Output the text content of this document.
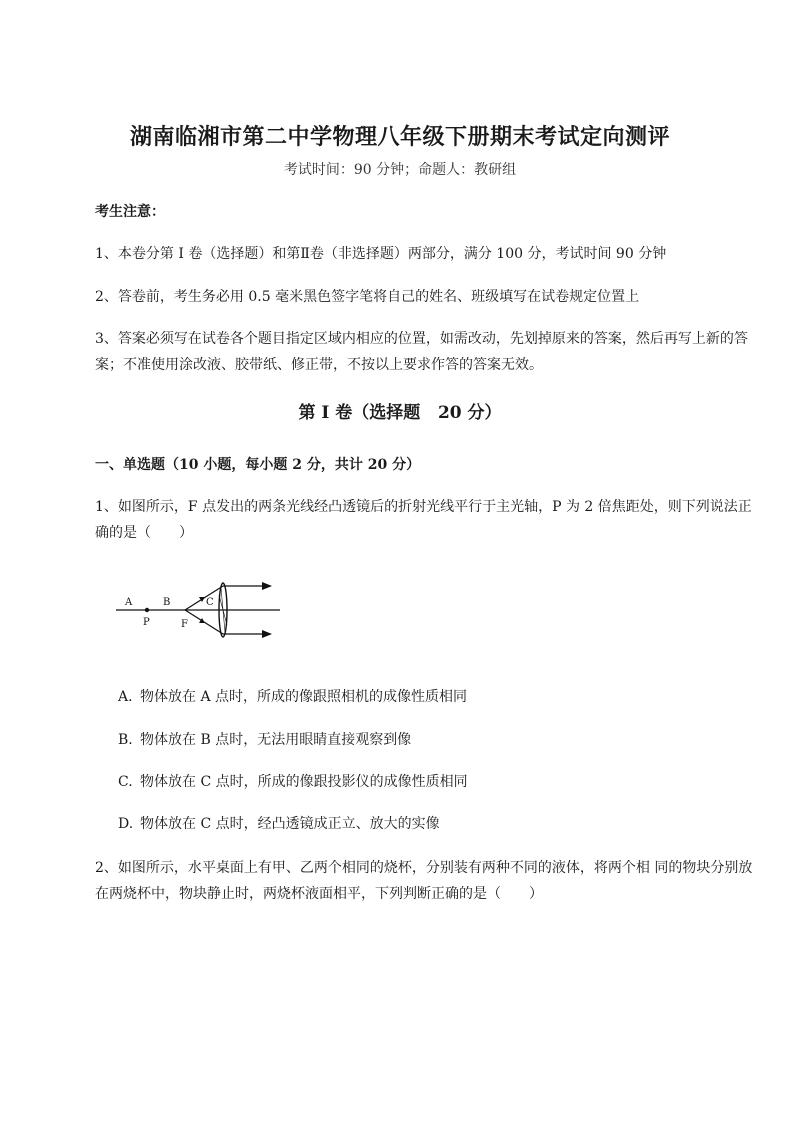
湖南临湘市第二中学物理八年级下册期末考试定向测评
考试时间：90 分钟；命题人：教研组
考生注意：
1、本卷分第 I 卷（选择题）和第Ⅱ卷（非选择题）两部分，满分 100 分，考试时间 90 分钟
2、答卷前，考生务必用 0.5 毫米黑色签字笔将自己的姓名、班级填写在试卷规定位置上
3、答案必须写在试卷各个题目指定区域内相应的位置，如需改动，先划掉原来的答案，然后再写上新的答案；不准使用涂改液、胶带纸、修正带，不按以上要求作答的答案无效。
第 I 卷（选择题   20 分）
一、单选题（10 小题，每小题 2 分，共计 20 分）
1、如图所示，F 点发出的两条光线经凸透镜后的折射光线平行于主光轴，P 为 2 倍焦距处，则下列说法正确的是（　　）
A	B	C
P	F
A. 物体放在 A 点时，所成的像跟照相机的成像性质相同
B. 物体放在 B 点时，无法用眼睛直接观察到像
C. 物体放在 C 点时，所成的像跟投影仪的成像性质相同
D. 物体放在 C 点时，经凸透镜成正立、放大的实像
2、如图所示，水平桌面上有甲、乙两个相同的烧杯，分别装有两种不同的液体，将两个相 同的物块分别放在两烧杯中，物块静止时，两烧杯液面相平，下列判断正确的是（　　）
